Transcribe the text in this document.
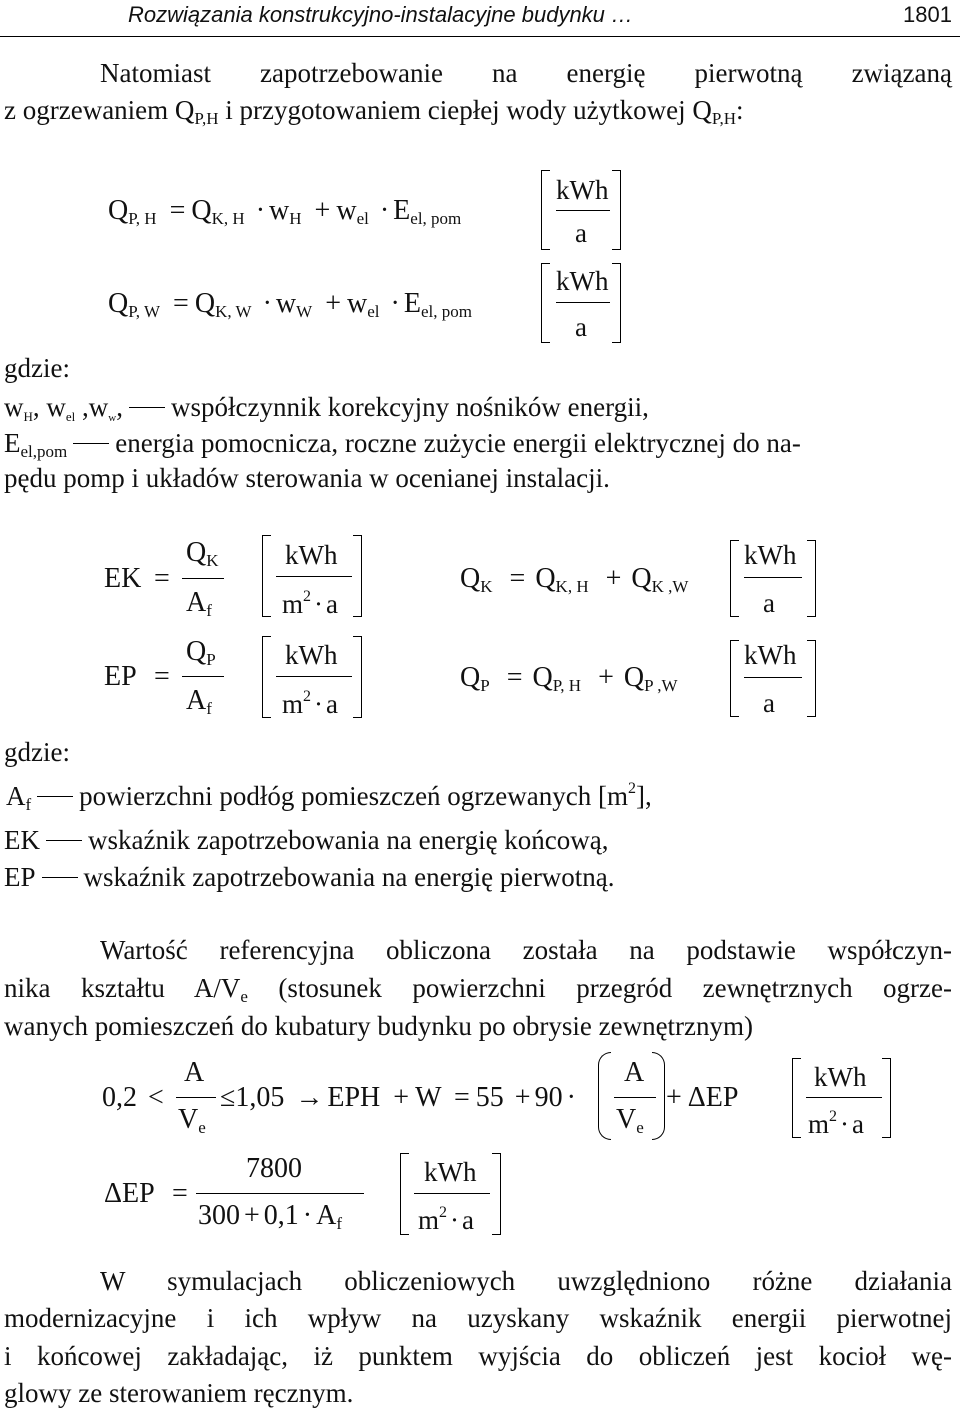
Rozwiązania konstrukcyjno-instalacyjne budynku …	1801
Natomiast zapotrzebowanie na energię pierwotną związaną
z ogrzewaniem $Q_{P,H}$ i przygotowaniem ciepłej wody użytkowej $Q_{P,H}$:
$Q_{P, H} = Q_{K, H} \cdot w_H + w_{el} \cdot E_{el, pom}$
kWh
a
$Q_{P, W} = Q_{K, W} \cdot w_W + w_{el} \cdot E_{el, pom}$
kWh
a
gdzie:
$w_H$, $w_{el}$ $,w_w$, współczynnik korekcyjny nośników energii,
$E_{el,pom}$ energia pomocnicza, roczne zużycie energii elektrycznej do na-
pędu pomp i układów sterowania w ocenianej instalacji.
EK =
$Q_K$
$A_f$
kWh
$m^2 \cdot a$
EP =
$Q_P$
$A_f$
kWh
$m^2 \cdot a$
$Q_K = Q_{K, H} + Q_{K ,W}$
kWh
a
$Q_P = Q_{P, H} + Q_{P ,W}$
kWh
a
gdzie:
$A_f$ powierzchni podłóg pomieszczeń ogrzewanych $[m^2]$,
EK wskaźnik zapotrzebowania na energię końcową,
EP wskaźnik zapotrzebowania na energię pierwotną.
Wartość referencyjna obliczona została na podstawie współczyn-
nika kształtu $A/V_e$ (stosunek powierzchni przegród zewnętrznych ogrze-
wanych pomieszczeń do kubatury budynku po obrysie zewnętrznym)
0,2 <
A
$V_e$
≤1,05 → EPH + W = 55 + 90 ·
A
$V_e$
+ ΔEP
kWh
$m^2 \cdot a$
ΔEP =
7800
$300 + 0,1 \cdot A_f$
kWh
$m^2 \cdot a$
W symulacjach obliczeniowych uwzględniono różne działania
modernizacyjne i ich wpływ na uzyskany wskaźnik energii pierwotnej
i końcowej zakładając, iż punktem wyjścia do obliczeń jest kocioł wę-
glowy ze sterowaniem ręcznym.
